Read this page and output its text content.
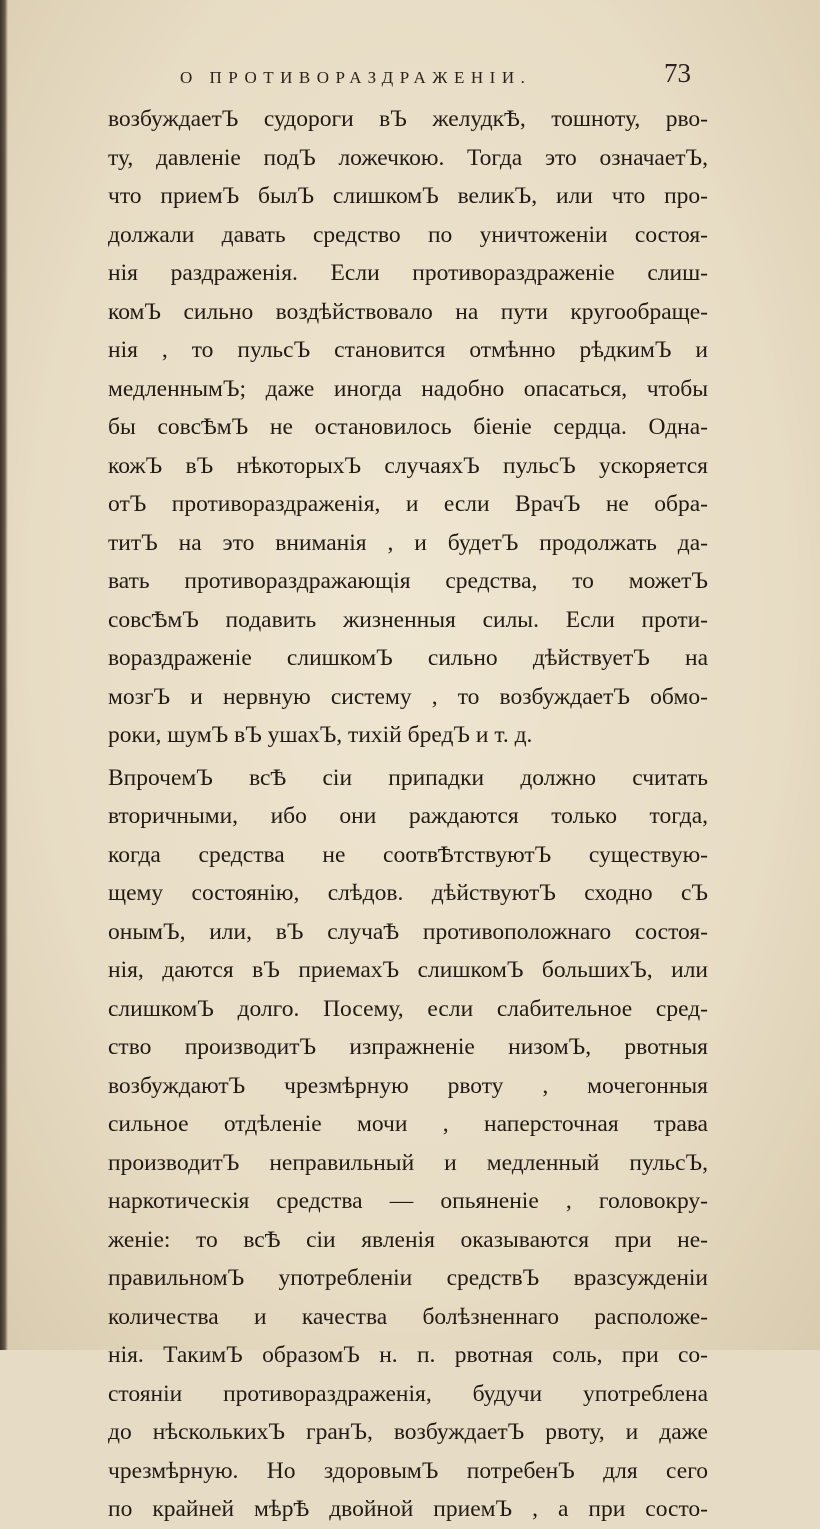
О ПРОТИВОРАЗДРАЖЕНІИ.	73
возбуждаетЪ судороги вЪ желудкѢ, тошноту, рво-
ту, давленіе подЪ ложечкою. Тогда это означаетЪ,
что приемЪ былЪ слишкомЪ великЪ, или что про-
должали давать средство по уничтоженіи состоя-
нія раздраженія. Если противораздраженіе слиш-
комЪ сильно воздѣйствовало на пути кругообраще-
нія , то пульсЪ становится отмѣнно рѣдкимЪ и
медленнымЪ; даже иногда надобно опасаться, чтобы
бы совсѢмЪ не остановилось біеніе сердца. Одна-
кожЪ вЪ нѣкоторыхЪ случаяхЪ пульсЪ ускоряется
отЪ противораздраженія, и если ВрачЪ не обра-
титЪ на это вниманія , и будетЪ продолжать да-
вать противораздражающія средства, то можетЪ
совсѢмЪ подавить жизненныя силы. Если проти-
вораздраженіе слишкомЪ сильно дѣйствуетЪ на
мозгЪ и нервную систему , то возбуждаетЪ обмо-
роки, шумЪ вЪ ушахЪ, тихій бредЪ и т. д.
ВпрочемЪ всѢ сіи припадки должно считать
вторичными, ибо они раждаются только тогда,
когда средства не соотвѢтствуютЪ существую-
щему состоянію, слѣдов. дѣйствуютЪ сходно сЪ
онымЪ, или, вЪ случаѢ противоположнаго состоя-
нія, даются вЪ приемахЪ слишкомЪ большихЪ, или
слишкомЪ долго. Посему, если слабительное сред-
ство производитЪ изпражненіе низомЪ, рвотныя
возбуждаютЪ чрезмѣрную рвоту , мочегонныя
сильное отдѣленіе мочи , наперсточная трава
производитЪ неправильный и медленный пульсЪ,
наркотическія средства — опьяненіе , головокру-
женіе: то всѢ сіи явленія оказываются при не-
правильномЪ употребленіи средствЪ вразсужденіи
количества и качества болѣзненнаго расположе-
нія. ТакимЪ образомЪ н. п. рвотная соль, при со-
стояніи противораздраженія, будучи употреблена
до нѣсколькихЪ гранЪ, возбуждаетЪ рвоту, и даже
чрезмѣрную. Но здоровымЪ потребенЪ для сего
по крайней мѣрѢ двойной приемЪ , а при состо-
